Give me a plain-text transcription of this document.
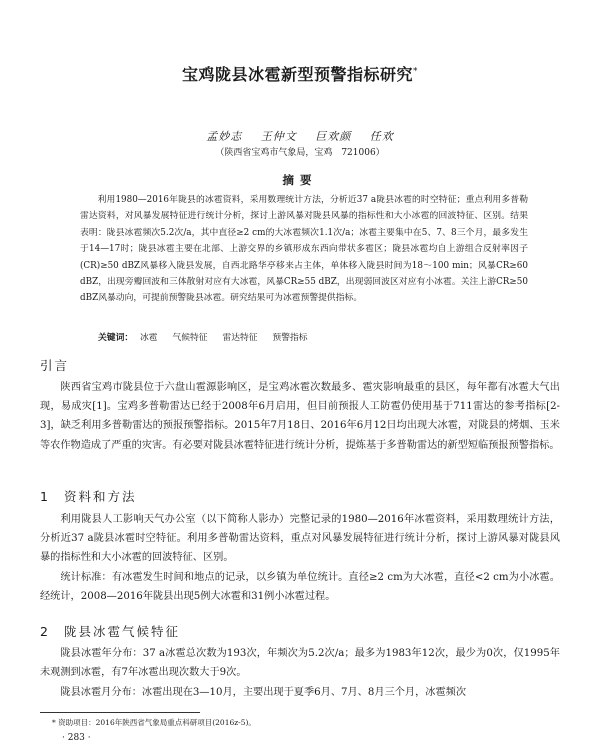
宝鸡陇县冰雹新型预警指标研究*
孟妙志 王仲文 巨欢颜 任欢
（陕西省宝鸡市气象局，宝鸡　721006）
摘要

利用1980—2016年陇县的冰雹资料，采用数理统计方法，分析近37 a陇县冰雹的时空特征；重点利用多普勒雷达资料，对风暴发展特征进行统计分析，探讨上游风暴对陇县风暴的指标性和大小冰雹的回波特征、区别。结果表明：陇县冰雹频次5.2次/a，其中直径≥2 cm的大冰雹频次1.1次/a；冰雹主要集中在5、7、8三个月，最多发生于14—17时；陇县冰雹主要在北部、上游交界的乡镇形成东西向带状多雹区；陇县冰雹均自上游组合反射率因子(CR)≥50 dBZ风暴移入陇县发展，自西北路华亭移来占主体，单体移入陇县时间为18～100 min；风暴CR≥60 dBZ，出现旁瓣回波和三体散射对应有大冰雹，风暴CR≥55 dBZ，出现弱回波区对应有小冰雹。关注上游CR≥50 dBZ风暴动向，可提前预警陇县冰雹。研究结果可为冰雹预警提供指标。

关键词： 冰雹 气候特征 雷达特征 预警指标
引言

陕西省宝鸡市陇县位于六盘山雹源影响区，是宝鸡冰雹次数最多、雹灾影响最重的县区，每年都有冰雹大气出现，易成灾[1]。宝鸡多普勒雷达已经于2008年6月启用，但目前预报人工防雹仍使用基于711雷达的参考指标[2-3]，缺乏利用多普勒雷达的预报预警指标。2015年7月18日、2016年6月12日均出现大冰雹，对陇县的烤烟、玉米等农作物造成了严重的灾害。有必要对陇县冰雹特征进行统计分析，提炼基于多普勒雷达的新型短临预报预警指标。

1 资料和方法

利用陇县人工影响天气办公室（以下简称人影办）完整记录的1980—2016年冰雹资料，采用数理统计方法，分析近37 a陇县冰雹时空特征。利用多普勒雷达资料，重点对风暴发展特征进行统计分析，探讨上游风暴对陇县风暴的指标性和大小冰雹的回波特征、区别。

统计标准：有冰雹发生时间和地点的记录，以乡镇为单位统计。直径≥2 cm为大冰雹，直径<2 cm为小冰雹。经统计，2008—2016年陇县出现5例大冰雹和31例小冰雹过程。

2 陇县冰雹气候特征

陇县冰雹年分布：37 a冰雹总次数为193次，年频次为5.2次/a；最多为1983年12次，最少为0次，仅1995年未观测到冰雹，有7年冰雹出现次数大于9次。

陇县冰雹月分布：冰雹出现在3—10月，主要出现于夏季6月、7月、8月三个月，冰雹频次

* 资助项目：2016年陕西省气象局重点科研项目(2016z-5)。
· 283 ·
